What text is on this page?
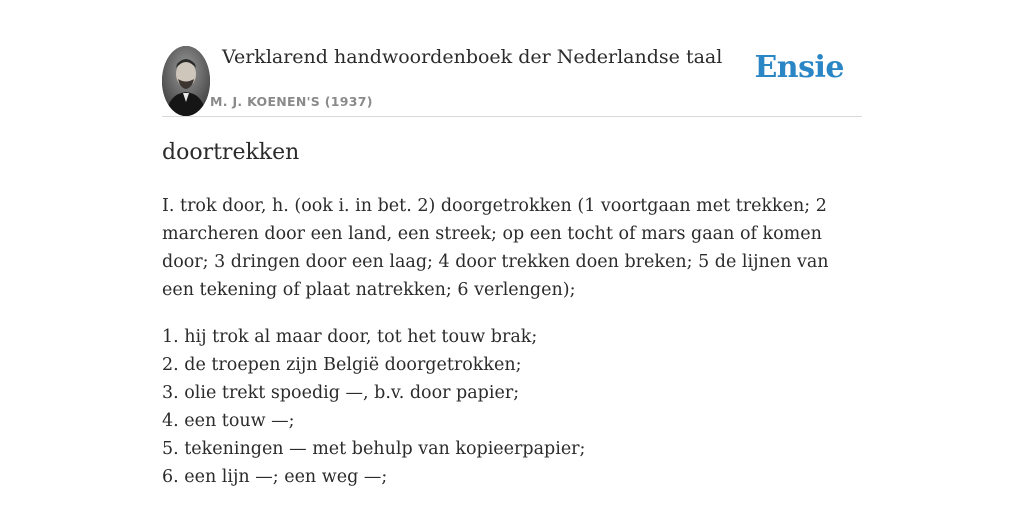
Verklarend handwoordenboek der Nederlandse taal
M. J. KOENEN'S (1937)
Ensie
doortrekken

I. trok door, h. (ook i. in bet. 2) doorgetrokken (1 voortgaan met trekken; 2 marcheren door een land, een streek; op een tocht of mars gaan of komen door; 3 dringen door een laag; 4 door trekken doen breken; 5 de lijnen van een tekening of plaat natrekken; 6 verlengen);

1. hij trok al maar door, tot het touw brak;
2. de troepen zijn België doorgetrokken;
3. olie trekt spoedig —, b.v. door papier;
4. een touw —;
5. tekeningen — met behulp van kopieerpapier;
6. een lijn —; een weg —;
